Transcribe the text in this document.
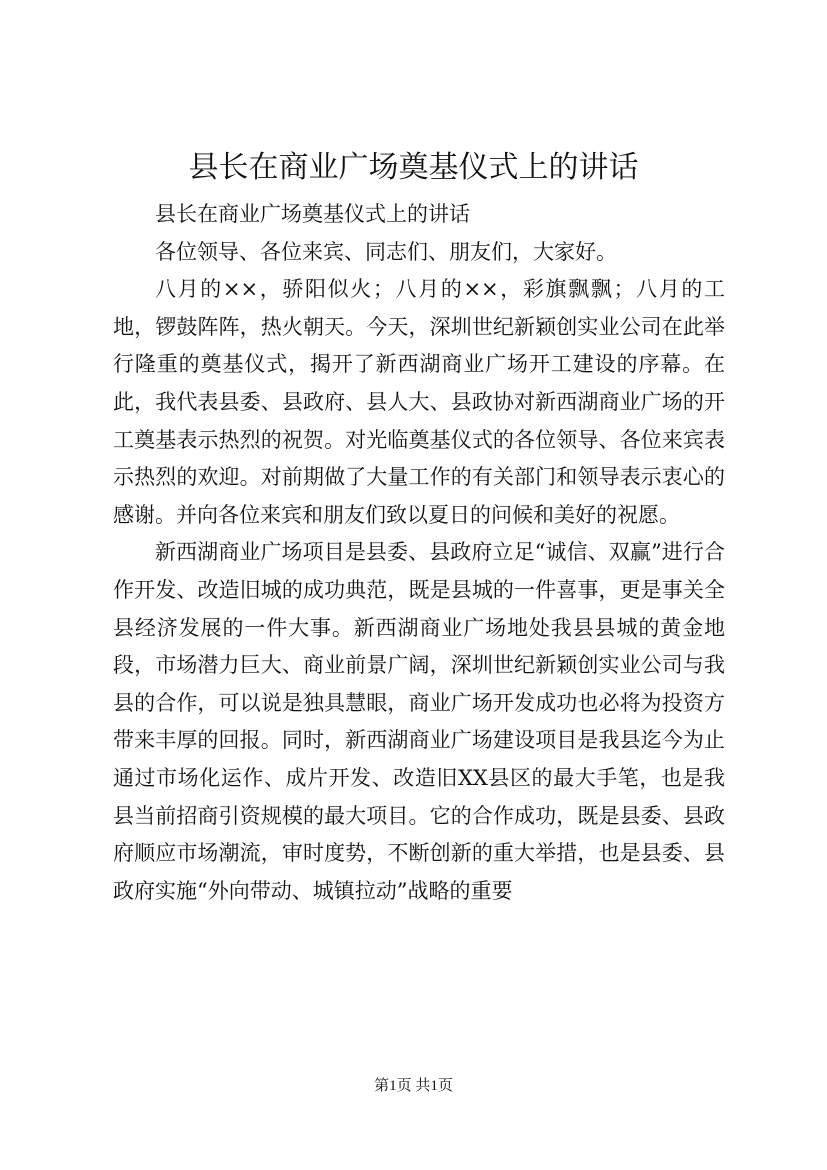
县长在商业广场奠基仪式上的讲话

县长在商业广场奠基仪式上的讲话

各位领导、各位来宾、同志们、朋友们，大家好。

八月的××，骄阳似火；八月的××，彩旗飘飘；八月的工地，锣鼓阵阵，热火朝天。今天，深圳世纪新颖创实业公司在此举行隆重的奠基仪式，揭开了新西湖商业广场开工建设的序幕。在此，我代表县委、县政府、县人大、县政协对新西湖商业广场的开工奠基表示热烈的祝贺。对光临奠基仪式的各位领导、各位来宾表示热烈的欢迎。对前期做了大量工作的有关部门和领导表示衷心的感谢。并向各位来宾和朋友们致以夏日的问候和美好的祝愿。

新西湖商业广场项目是县委、县政府立足“诚信、双赢”进行合作开发、改造旧城的成功典范，既是县城的一件喜事，更是事关全县经济发展的一件大事。新西湖商业广场地处我县县城的黄金地段，市场潜力巨大、商业前景广阔，深圳世纪新颖创实业公司与我县的合作，可以说是独具慧眼，商业广场开发成功也必将为投资方带来丰厚的回报。同时，新西湖商业广场建设项目是我县迄今为止通过市场化运作、成片开发、改造旧XX县区的最大手笔，也是我县当前招商引资规模的最大项目。它的合作成功，既是县委、县政府顺应市场潮流，审时度势，不断创新的重大举措，也是县委、县政府实施“外向带动、城镇拉动”战略的重要

第1页 共1页
